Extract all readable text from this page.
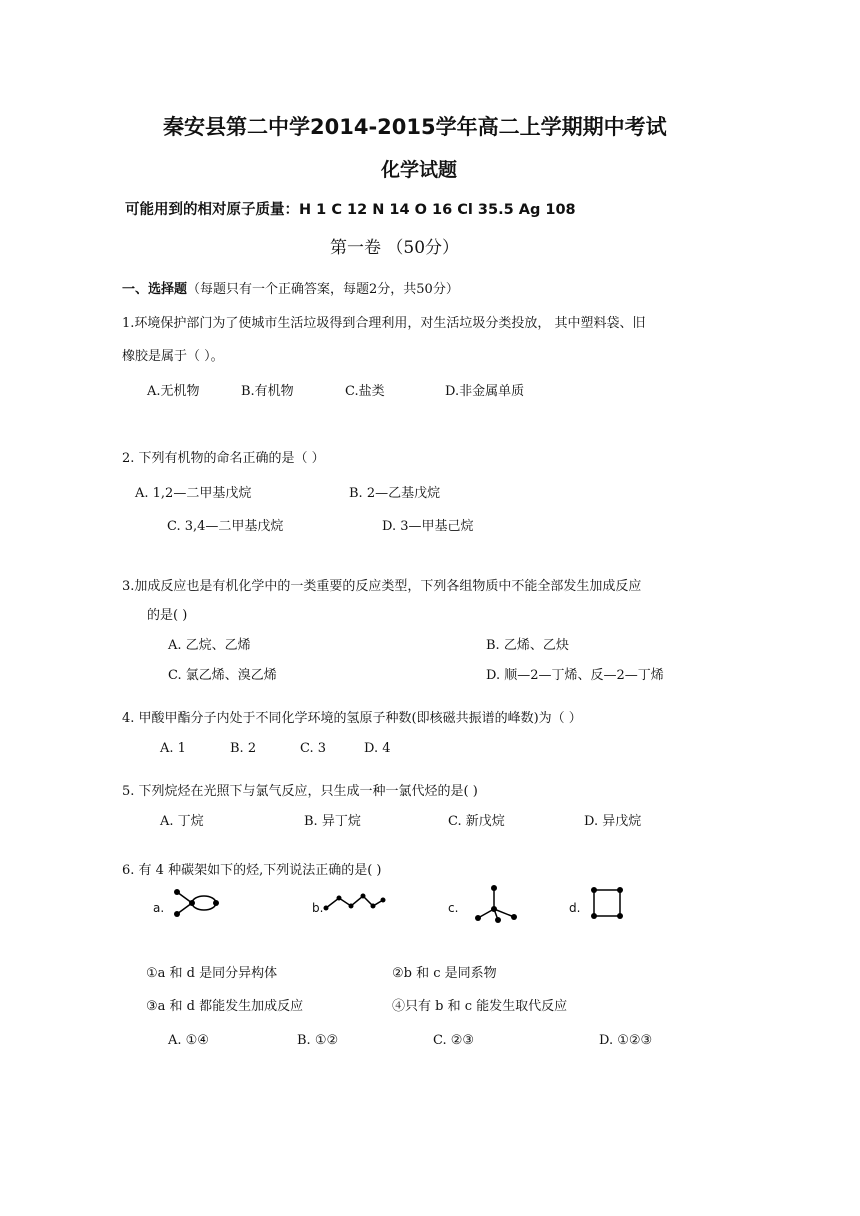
秦安县第二中学2014-2015学年高二上学期期中考试
化学试题
可能用到的相对原子质量：H 1 C 12 N 14 O 16 Cl 35.5 Ag 108
第一卷 （50分）
一、选择题（每题只有一个正确答案，每题2分，共50分）
1.环境保护部门为了使城市生活垃圾得到合理利用，对生活垃圾分类投放， 其中塑料袋、旧
橡胶是属于（ ）。
A.无机物	B.有机物	C.盐类	D.非金属单质
2. 下列有机物的命名正确的是（ ）
A. 1,2—二甲基戊烷	B. 2—乙基戊烷
C. 3,4—二甲基戊烷	D. 3—甲基己烷
3.加成反应也是有机化学中的一类重要的反应类型，下列各组物质中不能全部发生加成反应
的是( )
A. 乙烷、乙烯	B. 乙烯、乙炔
C. 氯乙烯、溴乙烯	D. 顺—2—丁烯、反—2—丁烯
4. 甲酸甲酯分子内处于不同化学环境的氢原子种数(即核磁共振谱的峰数)为（ ）
A. 1	B. 2	C. 3	D. 4
5. 下列烷烃在光照下与氯气反应，只生成一种一氯代烃的是( )
A. 丁烷	B. 异丁烷	C. 新戊烷	D. 异戊烷
6. 有 4 种碳架如下的烃,下列说法正确的是( )
a.	b.	c.	d.
①a 和 d 是同分异构体	②b 和 c 是同系物
③a 和 d 都能发生加成反应	④只有 b 和 c 能发生取代反应
A. ①④	B. ①②	C. ②③	D. ①②③
